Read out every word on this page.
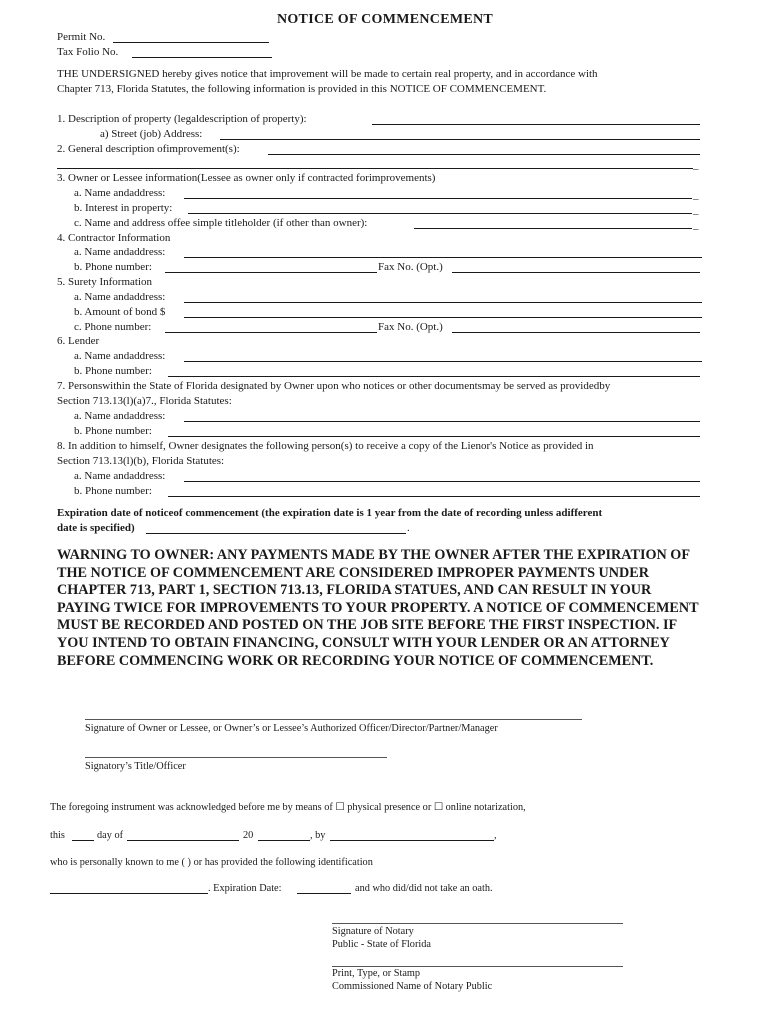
NOTICE OF COMMENCEMENT
Permit No.
Tax Folio No.
THE UNDERSIGNED hereby gives notice that improvement will be made to certain real property, and in accordance with
Chapter 713, Florida Statutes, the following information is provided in this NOTICE OF COMMENCEMENT.
1. Description of property (legaldescription of property):
a) Street (job) Address:
2. General description ofimprovement(s):
_
3. Owner or Lessee information(Lessee as owner only if contracted forimprovements)
a. Name andaddress:	_
b. Interest in property:	_
c. Name and address offee simple titleholder (if other than owner):	_
4. Contractor Information
a. Name andaddress:
b. Phone number:	Fax No. (Opt.)
5. Surety Information
a. Name andaddress:
b. Amount of bond $
c. Phone number:	Fax No. (Opt.)
6. Lender
a. Name andaddress:
b. Phone number:
7. Personswithin the State of Florida designated by Owner upon who notices or other documentsmay be served as providedby
Section 713.13(l)(a)7., Florida Statutes:
a. Name andaddress:
b. Phone number:
8. In addition to himself, Owner designates the following person(s) to receive a copy of the Lienor's Notice as provided in
Section 713.13(l)(b), Florida Statutes:
a. Name andaddress:
b. Phone number:
Expiration date of noticeof commencement (the expiration date is 1 year from the date of recording unless adifferent
date is specified)	.
WARNING TO OWNER: ANY PAYMENTS MADE BY THE OWNER AFTER THE EXPIRATION OF THE NOTICE OF COMMENCEMENT ARE CONSIDERED IMPROPER PAYMENTS UNDER CHAPTER 713, PART 1, SECTION 713.13, FLORIDA STATUES, AND CAN RESULT IN YOUR PAYING TWICE FOR IMPROVEMENTS TO YOUR PROPERTY. A NOTICE OF COMMENCEMENT MUST BE RECORDED AND POSTED ON THE JOB SITE BEFORE THE FIRST INSPECTION. IF YOU INTEND TO OBTAIN FINANCING, CONSULT WITH YOUR LENDER OR AN ATTORNEY BEFORE COMMENCING WORK OR RECORDING YOUR NOTICE OF COMMENCEMENT.
Signature of Owner or Lessee, or Owner’s or Lessee’s Authorized Officer/Director/Partner/Manager
Signatory’s Title/Officer
The foregoing instrument was acknowledged before me by means of ☐ physical presence or ☐ online notarization,
this	day of	20	, by	,
who is personally known to me ( ) or has provided the following identification
. Expiration Date:	and who did/did not take an oath.
Signature of Notary
Public - State of Florida
Print, Type, or Stamp
Commissioned Name of Notary Public
